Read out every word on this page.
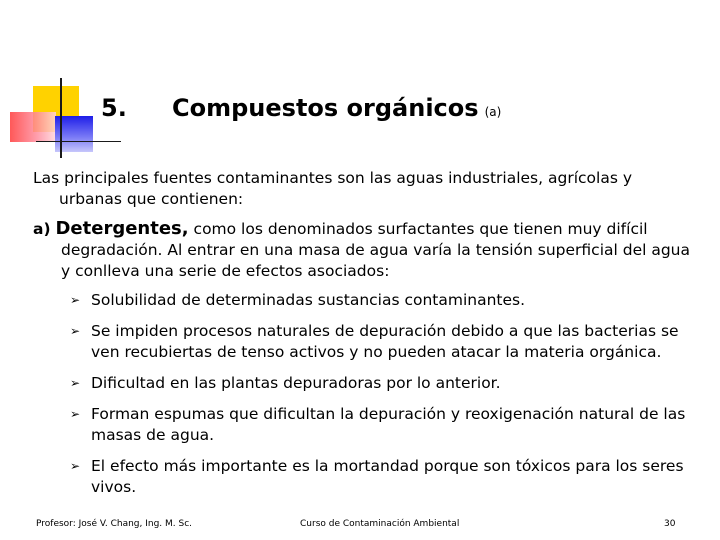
5. Compuestos orgánicos (a)
Las principales fuentes contaminantes son las aguas industriales, agrícolas y
urbanas que contienen:
a) Detergentes, como los denominados surfactantes que tienen muy difícil
degradación. Al entrar en una masa de agua varía la tensión superficial del agua
y conlleva una serie de efectos asociados:
➢ Solubilidad de determinadas sustancias contaminantes.
➢ Se impiden procesos naturales de depuración debido a que las bacterias se
ven recubiertas de tenso activos y no pueden atacar la materia orgánica.
➢ Dificultad en las plantas depuradoras por lo anterior.
➢ Forman espumas que dificultan la depuración y reoxigenación natural de las
masas de agua.
➢ El efecto más importante es la mortandad porque son tóxicos para los seres
vivos.
Profesor: José V. Chang, Ing. M. Sc.	Curso de Contaminación Ambiental	30
